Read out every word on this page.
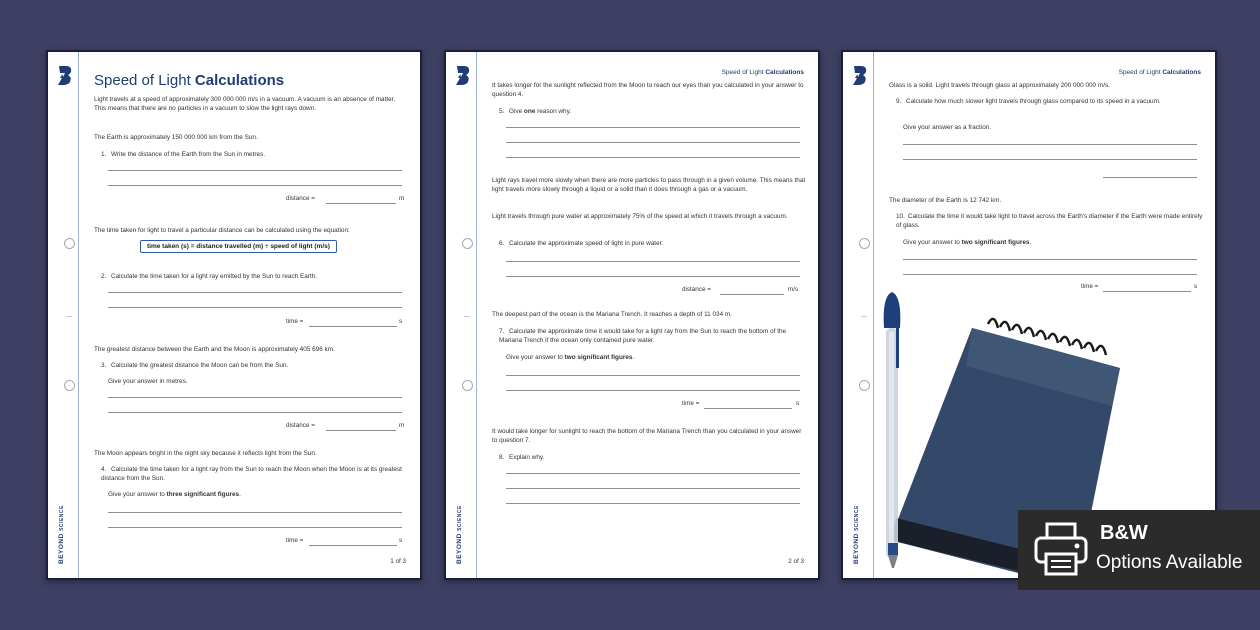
BEYOND SCIENCE
Speed of Light Calculations

Light travels at a speed of approximately 300 000 000 m/s in a vacuum. A vacuum is an absence of matter. This means that there are no particles in a vacuum to slow the light rays down.

The Earth is approximately 150 000 000 km from the Sun.

1. Write the distance of the Earth from the Sun in metres.

distance =	m

The time taken for light to travel a particular distance can be calculated using the equation:

time taken (s) = distance travelled (m) ÷ speed of light (m/s)

2. Calculate the time taken for a light ray emitted by the Sun to reach Earth.

time =	s

The greatest distance between the Earth and the Moon is approximately 405 696 km.

3. Calculate the greatest distance the Moon can be from the Sun.

Give your answer in metres.

distance =	m

The Moon appears bright in the night sky because it reflects light from the Sun.

4. Calculate the time taken for a light ray from the Sun to reach the Moon when the Moon is at its greatest distance from the Sun.

Give your answer to three significant figures.

time =	s
1 of 3	BEYOND SCIENCE
Speed of Light Calculations

It takes longer for the sunlight reflected from the Moon to reach our eyes than you calculated in your answer to question 4.

5. Give one reason why.

Light rays travel more slowly when there are more particles to pass through in a given volume. This means that light travels more slowly through a liquid or a solid than it does through a gas or a vacuum.

Light travels through pure water at approximately 75% of the speed at which it travels through a vacuum.

6. Calculate the approximate speed of light in pure water.

distance =	m/s

The deepest part of the ocean is the Mariana Trench. It reaches a depth of 11 034 m.

7. Calculate the approximate time it would take for a light ray from the Sun to reach the bottom of the Mariana Trench if the ocean only contained pure water.

Give your answer to two significant figures.

time =	s

It would take longer for sunlight to reach the bottom of the Mariana Trench than you calculated in your answer to question 7.

8. Explain why.

2 of 3	BEYOND SCIENCE
Speed of Light Calculations

Glass is a solid. Light travels through glass at approximately 200 000 000 m/s.

9. Calculate how much slower light travels through glass compared to its speed in a vacuum.

Give your answer as a fraction.

The diameter of the Earth is 12 742 km.

10. Calculate the time it would take light to travel across the Earth's diameter if the Earth were made entirely of glass.

Give your answer to two significant figures.

time =	s
B&W
Options Available
